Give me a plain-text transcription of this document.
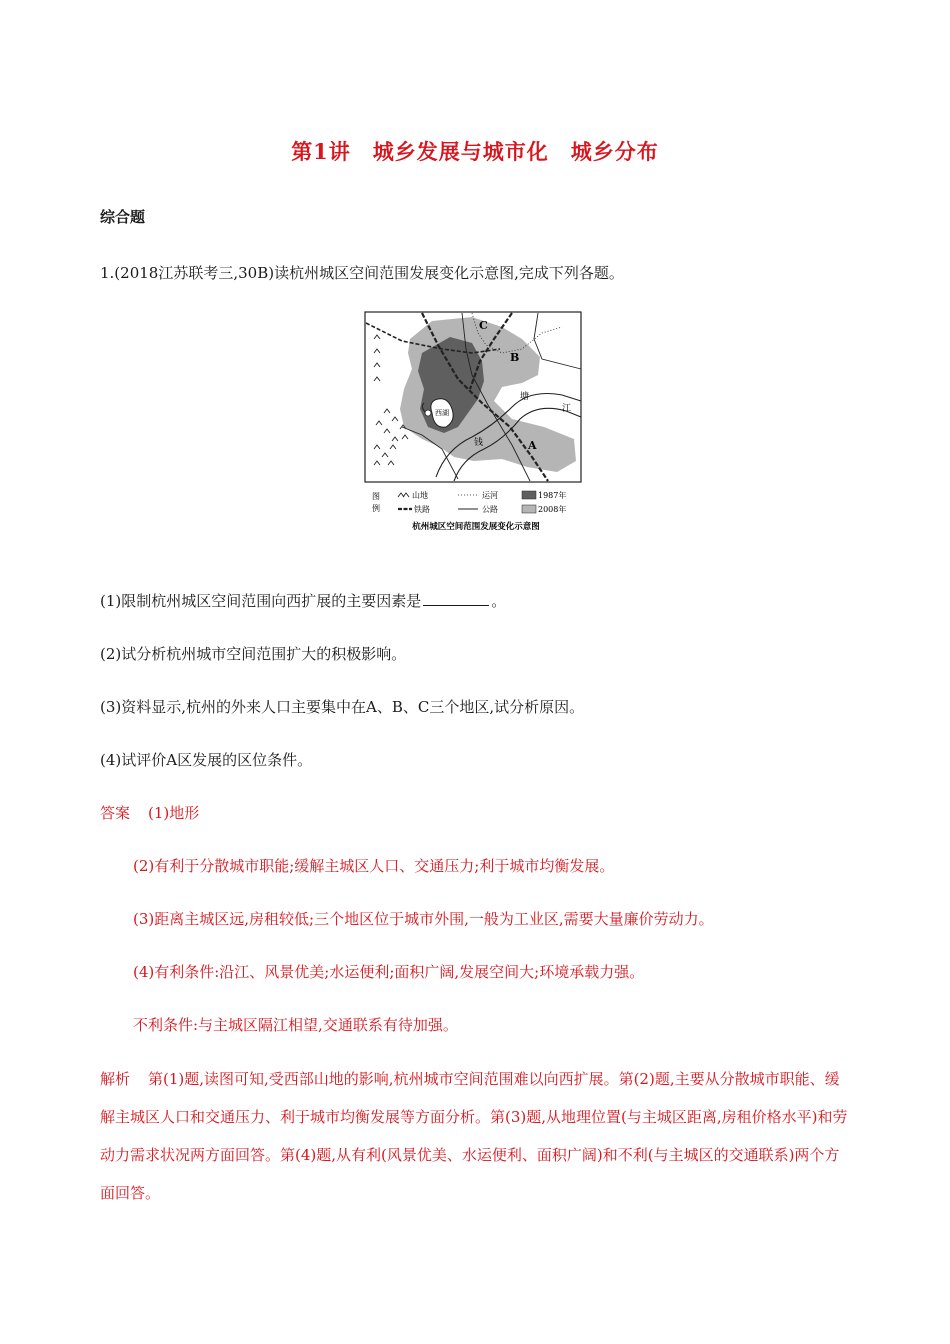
第1讲　城乡发展与城市化　城乡分布
综合题
1.(2018江苏联考三,30B)读杭州城区空间范围发展变化示意图,完成下列各题。
西湖
C
B
A
塘
江
钱
图
例
山地	运河	1987年
铁路	公路	2008年
杭州城区空间范围发展变化示意图
(1)限制杭州城区空间范围向西扩展的主要因素是	。
(2)试分析杭州城市空间范围扩大的积极影响。
(3)资料显示,杭州的外来人口主要集中在A、B、C三个地区,试分析原因。
(4)试评价A区发展的区位条件。
答案 (1)地形
(2)有利于分散城市职能;缓解主城区人口、交通压力;利于城市均衡发展。
(3)距离主城区远,房租较低;三个地区位于城市外围,一般为工业区,需要大量廉价劳动力。
(4)有利条件:沿江、风景优美;水运便利;面积广阔,发展空间大;环境承载力强。
不利条件:与主城区隔江相望,交通联系有待加强。
解析 第(1)题,读图可知,受西部山地的影响,杭州城市空间范围难以向西扩展。第(2)题,主要从分散城市职能、缓解主城区人口和交通压力、利于城市均衡发展等方面分析。第(3)题,从地理位置(与主城区距离,房租价格水平)和劳动力需求状况两方面回答。第(4)题,从有利(风景优美、水运便利、面积广阔)和不利(与主城区的交通联系)两个方面回答。
